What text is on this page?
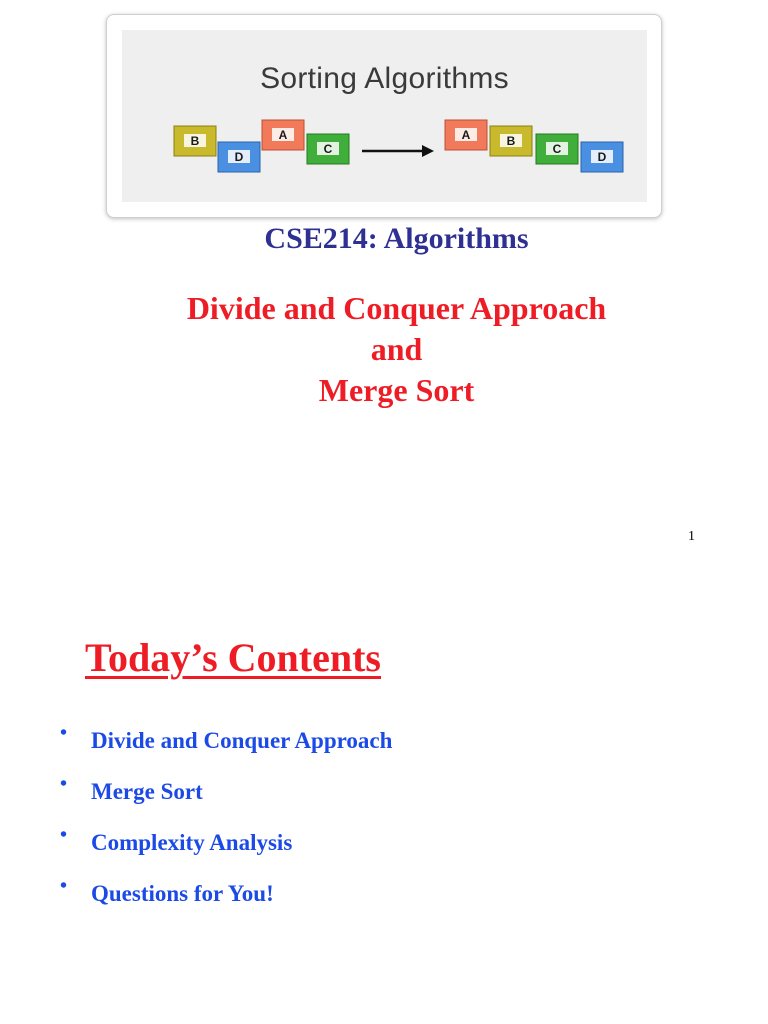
Sorting Algorithms
B
D
A
C
A	B
C
D
CSE214: Algorithms
Divide and Conquer Approach
and
Merge Sort
1
Today’s Contents
• Divide and Conquer Approach
• Merge Sort
• Complexity Analysis
• Questions for You!
